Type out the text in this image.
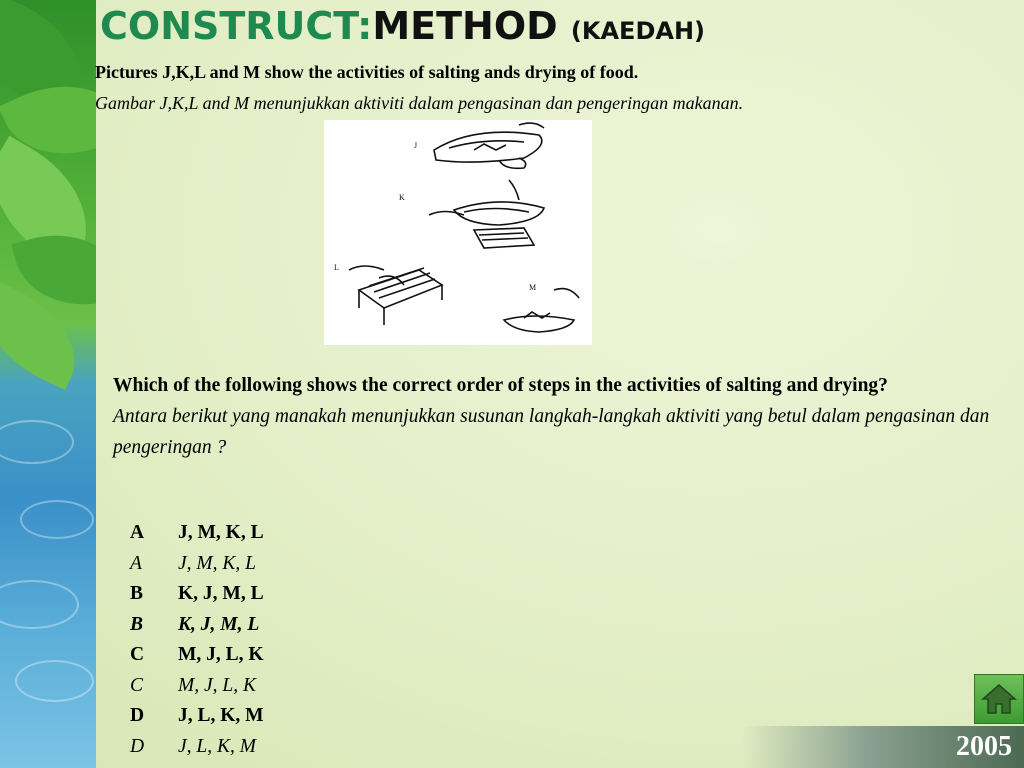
CONSTRUCT:METHOD (KAEDAH)
Pictures J,K,L and M show the activities of salting ands drying of food.
Gambar J,K,L and M menunjukkan aktiviti dalam pengasinan dan pengeringan makanan.
J
K
L
M
Which of the following shows the correct order of steps in the activities of salting and drying?
Antara berikut yang manakah menunjukkan susunan langkah-langkah aktiviti yang betul dalam pengasinan dan pengeringan ?
A J, M, K, L
A J, M, K, L
B K, J, M, L
B K, J, M, L
C M, J, L, K
C M, J, L, K
D J, L, K, M
D J, L, K, M	2005
